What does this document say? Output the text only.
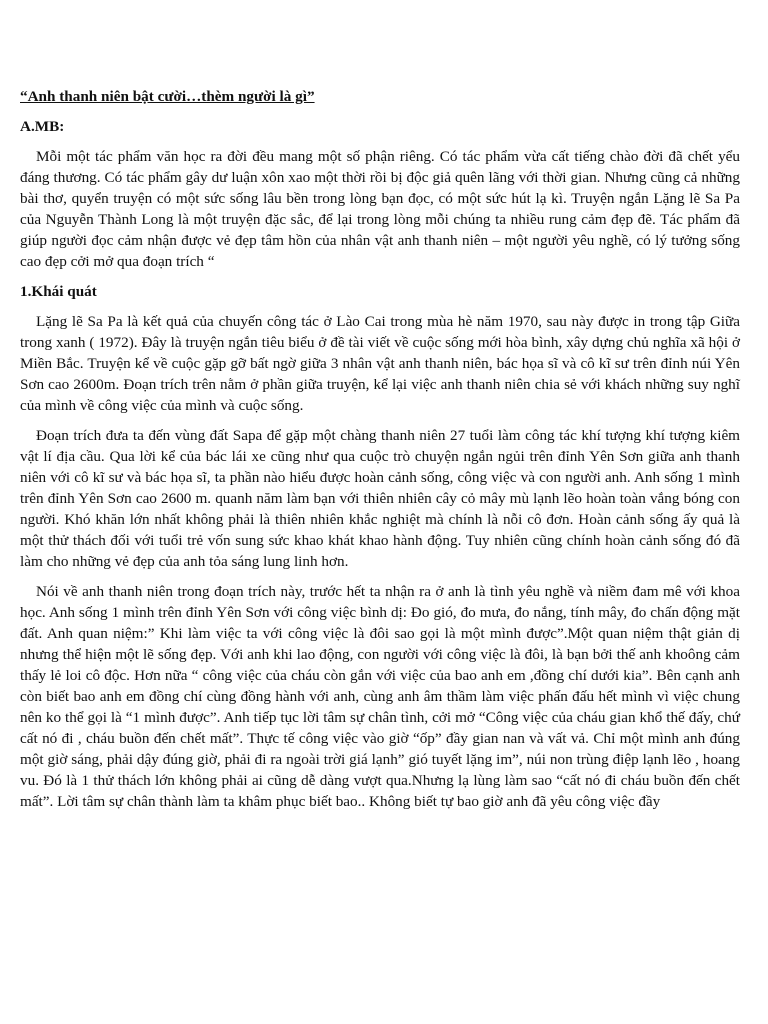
“Anh thanh niên bật cười…thèm người là gì”

A.MB:

Mỗi một tác phẩm văn học ra đời đều mang một số phận riêng. Có tác phẩm vừa cất tiếng chào đời đã chết yểu đáng thương. Có tác phẩm gây dư luận xôn xao một thời rồi bị độc giả quên lãng với thời gian. Nhưng cũng cả những bài thơ, quyển truyện có một sức sống lâu bền trong lòng bạn đọc, có một sức hút lạ kì. Truyện ngắn Lặng lẽ Sa Pa của Nguyễn Thành Long là một truyện đặc sắc, để lại trong lòng mỗi chúng ta nhiều rung cảm đẹp đẽ. Tác phẩm đã giúp người đọc cảm nhận được vẻ đẹp tâm hồn của nhân vật anh thanh niên – một người yêu nghề, có lý tưởng sống cao đẹp cởi mở qua đoạn trích “

1.Khái quát

Lặng lẽ Sa Pa là kết quả của chuyến công tác ở Lào Cai trong mùa hè năm 1970, sau này được in trong tập Giữa trong xanh ( 1972). Đây là truyện ngắn tiêu biểu ở đề tài viết về cuộc sống mới hòa bình, xây dựng chủ nghĩa xã hội ở Miền Bắc. Truyện kể về cuộc gặp gỡ bất ngờ giữa 3 nhân vật anh thanh niên, bác họa sĩ và cô kĩ sư trên đỉnh núi Yên Sơn cao 2600m. Đoạn trích trên nằm ở phần giữa truyện, kể lại việc anh thanh niên chia sẻ với khách những suy nghĩ của mình về công việc của mình và cuộc sống.

Đoạn trích đưa ta đến vùng đất Sapa để gặp một chàng thanh niên 27 tuổi làm công tác khí tượng khí tượng kiêm vật lí địa cầu. Qua lời kể của bác lái xe cũng như qua cuộc trò chuyện ngắn ngủi trên đỉnh Yên Sơn giữa anh thanh niên với cô kĩ sư và bác họa sĩ, ta phần nào hiểu được hoàn cảnh sống, công việc và con người anh. Anh sống 1 mình trên đỉnh Yên Sơn cao 2600 m. quanh năm làm bạn với thiên nhiên cây cỏ mây mù lạnh lẽo hoàn toàn vắng bóng con người. Khó khăn lớn nhất không phải là thiên nhiên khắc nghiệt mà chính là nỗi cô đơn. Hoàn cảnh sống ấy quả là một thử thách đối với tuổi trẻ vốn sung sức khao khát khao hành động. Tuy nhiên cũng chính hoàn cảnh sống đó đã làm cho những vẻ đẹp của anh tỏa sáng lung linh hơn.

Nói về anh thanh niên trong đoạn trích này, trước hết ta nhận ra ở anh là tình yêu nghề và niềm đam mê với khoa học. Anh sống 1 mình trên đỉnh Yên Sơn với công việc bình dị: Đo gió, đo mưa, đo nắng, tính mây, đo chấn động mặt đất. Anh quan niệm:” Khi làm việc ta với công việc là đôi sao gọi là một mình được”.Một quan niệm thật giản dị nhưng thể hiện một lẽ sống đẹp. Với anh khi lao động, con người với công việc là đôi, là bạn bởi thế anh khoông cảm thấy lẻ loi cô độc. Hơn nữa “ công việc của cháu còn gắn với việc của bao anh em ,đồng chí dưới kia”. Bên cạnh anh còn biết bao anh em đồng chí cùng đồng hành với anh, cùng anh âm thầm làm việc phấn đấu hết mình vì việc chung nên ko thể gọi là “1 mình được”. Anh tiếp tục lời tâm sự chân tình, cởi mở “Công việc của cháu gian khổ thế đấy, chứ cất nó đi , cháu buồn đến chết mất”. Thực tế công việc vào giờ “ốp” đầy gian nan và vất vả. Chỉ một mình anh đúng một giờ sáng, phải dậy đúng giờ, phải đi ra ngoài trời giá lạnh” gió tuyết lặng im”, núi non trùng điệp lạnh lẽo , hoang vu. Đó là 1 thử thách lớn không phải ai cũng dễ dàng vượt qua.Nhưng lạ lùng làm sao “cất nó đi cháu buồn đến chết mất”. Lời tâm sự chân thành làm ta khâm phục biết bao.. Không biết tự bao giờ anh đã yêu công việc đầy
